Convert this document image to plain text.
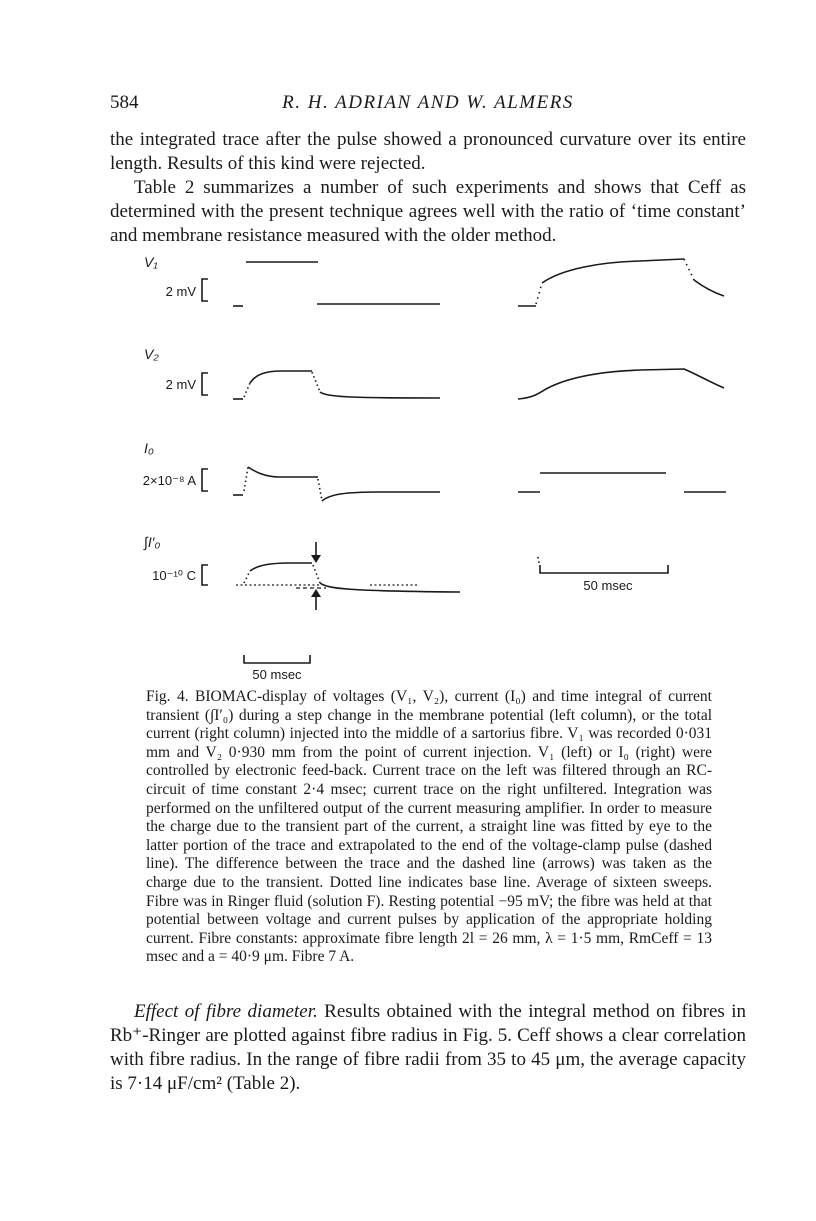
584	R. H. ADRIAN AND W. ALMERS

the integrated trace after the pulse showed a pronounced curvature over its entire length. Results of this kind were rejected.

Table 2 summarizes a number of such experiments and shows that Ceff as determined with the present technique agrees well with the ratio of ‘time constant’ and membrane resistance measured with the older method.

V₁
V₂
I₀
∫I′₀
2 mV
2 mV
2×10⁻⁸ A
10⁻¹⁰ C
50 msec
50 msec

Fig. 4. BIOMAC-display of voltages (V₁, V₂), current (I₀) and time integral of current transient (∫I′₀) during a step change in the membrane potential (left column), or the total current (right column) injected into the middle of a sartorius fibre. V₁ was recorded 0·031 mm and V₂ 0·930 mm from the point of current injection. V₁ (left) or I₀ (right) were controlled by electronic feed-back. Current trace on the left was filtered through an RC-circuit of time constant 2·4 msec; current trace on the right unfiltered. Integration was performed on the unfiltered output of the current measuring amplifier. In order to measure the charge due to the transient part of the current, a straight line was fitted by eye to the latter portion of the trace and extrapolated to the end of the voltage-clamp pulse (dashed line). The difference between the trace and the dashed line (arrows) was taken as the charge due to the transient. Dotted line indicates base line. Average of sixteen sweeps. Fibre was in Ringer fluid (solution F). Resting potential −95 mV; the fibre was held at that potential between voltage and current pulses by application of the appropriate holding current. Fibre constants: approximate fibre length 2l = 26 mm, λ = 1·5 mm, RmCeff = 13 msec and a = 40·9 μm. Fibre 7 A.

Effect of fibre diameter. Results obtained with the integral method on fibres in Rb⁺-Ringer are plotted against fibre radius in Fig. 5. Ceff shows a clear correlation with fibre radius. In the range of fibre radii from 35 to 45 μm, the average capacity is 7·14 μF/cm² (Table 2).
